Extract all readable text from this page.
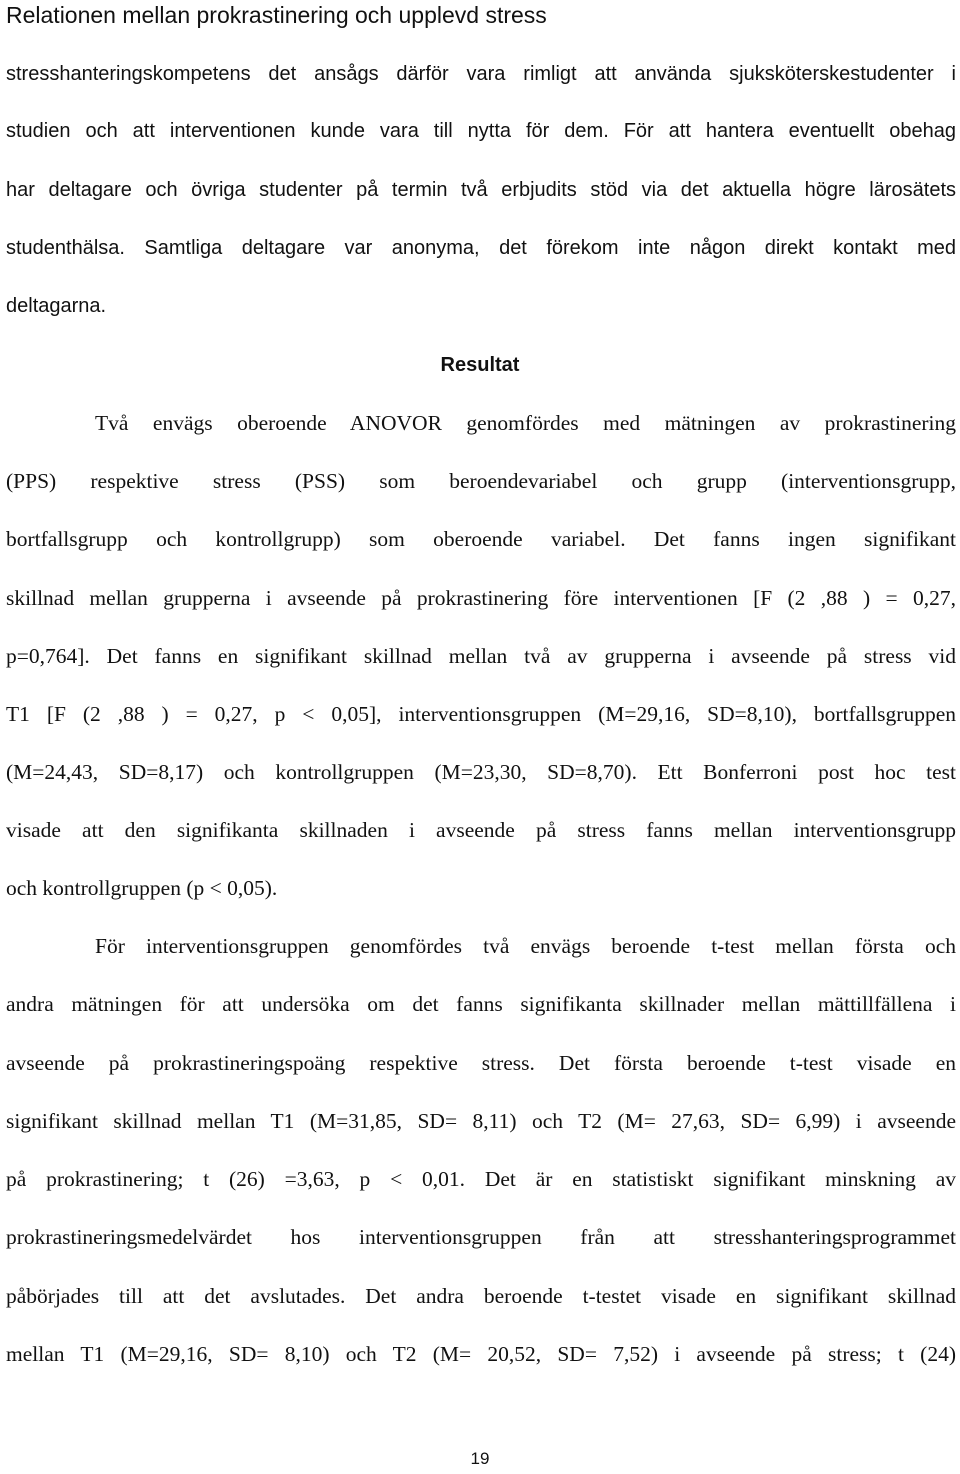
Relationen mellan prokrastinering och upplevd stress
stresshanteringskompetens det ansågs därför vara rimligt att använda sjuksköterskestudenter i
studien och att interventionen kunde vara till nytta för dem. För att hantera eventuellt obehag
har deltagare och övriga studenter på termin två erbjudits stöd via det aktuella högre lärosätets
studenthälsa. Samtliga deltagare var anonyma, det förekom inte någon direkt kontakt med
deltagarna.
Resultat
Två envägs oberoende ANOVOR genomfördes med mätningen av prokrastinering
(PPS) respektive stress (PSS) som beroendevariabel och grupp (interventionsgrupp,
bortfallsgrupp och kontrollgrupp) som oberoende variabel. Det fanns ingen signifikant
skillnad mellan grupperna i avseende på prokrastinering före interventionen [F (2 ,88 ) = 0,27,
p=0,764]. Det fanns en signifikant skillnad mellan två av grupperna i avseende på stress vid
T1 [F (2 ,88 ) = 0,27, p < 0,05], interventionsgruppen (M=29,16, SD=8,10), bortfallsgruppen
(M=24,43, SD=8,17) och kontrollgruppen (M=23,30, SD=8,70). Ett Bonferroni post hoc test
visade att den signifikanta skillnaden i avseende på stress fanns mellan interventionsgrupp
och kontrollgruppen (p < 0,05).
För interventionsgruppen genomfördes två envägs beroende t-test mellan första och
andra mätningen för att undersöka om det fanns signifikanta skillnader mellan mättillfällena i
avseende på prokrastineringspoäng respektive stress. Det första beroende t-test visade en
signifikant skillnad mellan T1 (M=31,85, SD= 8,11) och T2 (M= 27,63, SD= 6,99) i avseende
på prokrastinering; t (26) =3,63, p < 0,01. Det är en statistiskt signifikant minskning av
prokrastineringsmedelvärdet hos interventionsgruppen från att stresshanteringsprogrammet
påbörjades till att det avslutades. Det andra beroende t-testet visade en signifikant skillnad
mellan T1 (M=29,16, SD= 8,10) och T2 (M= 20,52, SD= 7,52) i avseende på stress; t (24)
19
